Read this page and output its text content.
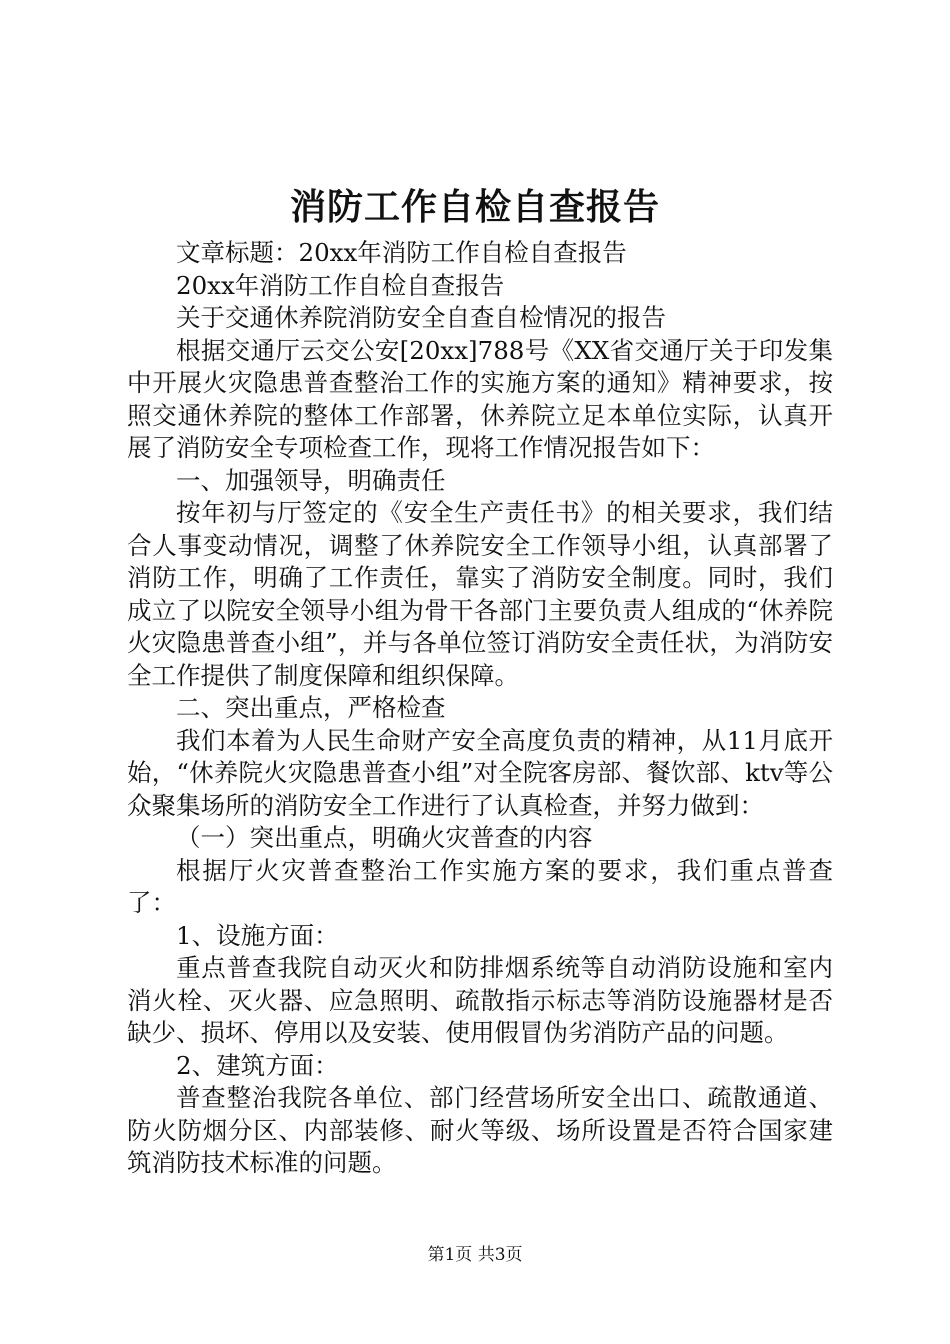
消防工作自检自查报告

文章标题：20xx年消防工作自检自查报告

20xx年消防工作自检自查报告

关于交通休养院消防安全自查自检情况的报告

根据交通厅云交公安[20xx]788号《XX省交通厅关于印发集中开展火灾隐患普查整治工作的实施方案的通知》精神要求，按照交通休养院的整体工作部署，休养院立足本单位实际，认真开展了消防安全专项检查工作，现将工作情况报告如下：

一、加强领导，明确责任

按年初与厅签定的《安全生产责任书》的相关要求，我们结合人事变动情况，调整了休养院安全工作领导小组，认真部署了消防工作，明确了工作责任，靠实了消防安全制度。同时，我们成立了以院安全领导小组为骨干各部门主要负责人组成的“休养院火灾隐患普查小组”，并与各单位签订消防安全责任状，为消防安全工作提供了制度保障和组织保障。

二、突出重点，严格检查

我们本着为人民生命财产安全高度负责的精神，从11月底开始，“休养院火灾隐患普查小组”对全院客房部、餐饮部、ktv等公众聚集场所的消防安全工作进行了认真检查，并努力做到：

（一）突出重点，明确火灾普查的内容

根据厅火灾普查整治工作实施方案的要求，我们重点普查了：

1、设施方面：

重点普查我院自动灭火和防排烟系统等自动消防设施和室内消火栓、灭火器、应急照明、疏散指示标志等消防设施器材是否缺少、损坏、停用以及安装、使用假冒伪劣消防产品的问题。

2、建筑方面：

普查整治我院各单位、部门经营场所安全出口、疏散通道、防火防烟分区、内部装修、耐火等级、场所设置是否符合国家建筑消防技术标准的问题。

第1页 共3页
